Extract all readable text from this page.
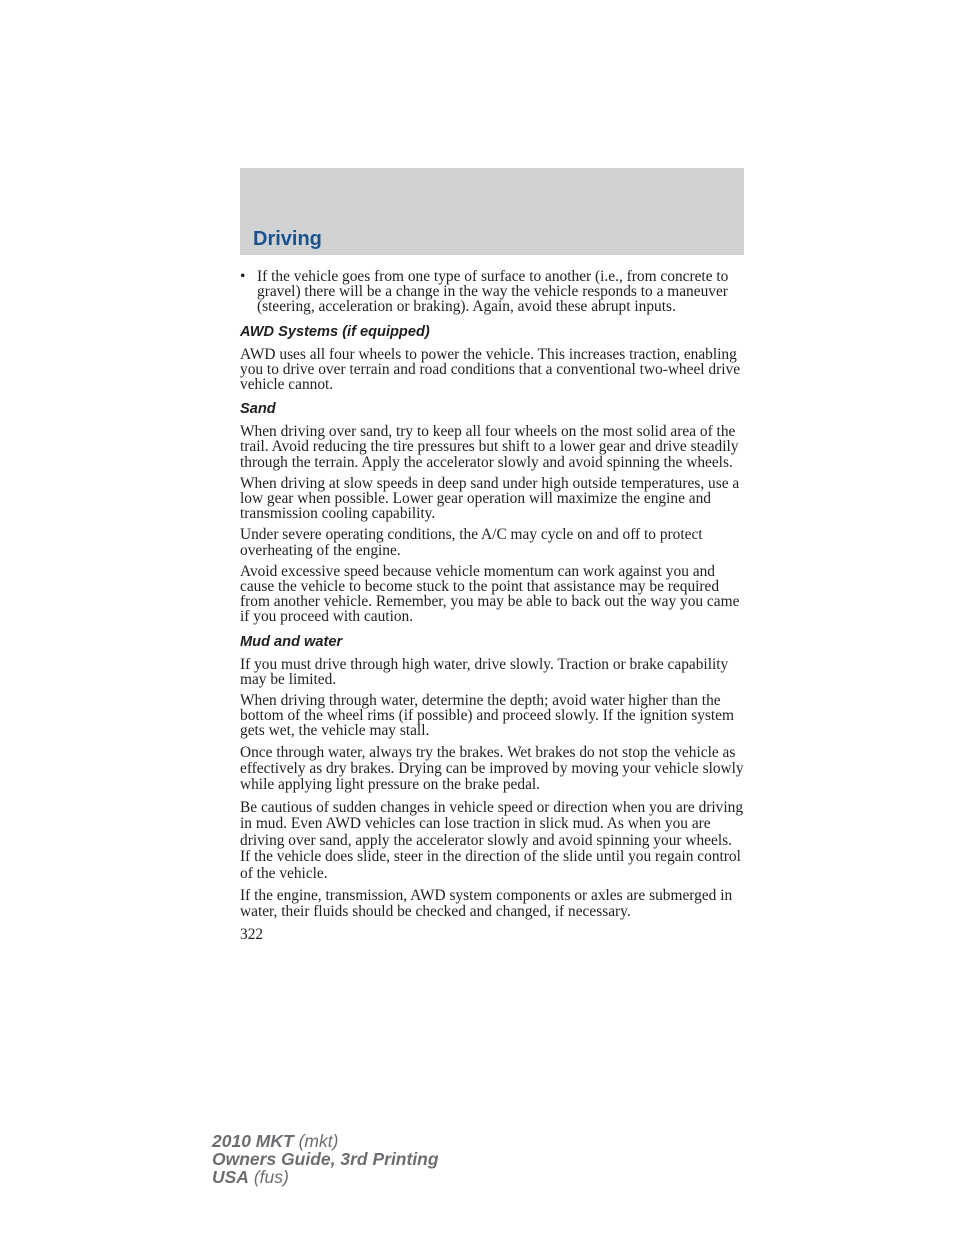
Driving
• If the vehicle goes from one type of surface to another (i.e., from concrete to gravel) there will be a change in the way the vehicle responds to a maneuver (steering, acceleration or braking). Again, avoid these abrupt inputs.
AWD Systems (if equipped)

AWD uses all four wheels to power the vehicle. This increases traction, enabling you to drive over terrain and road conditions that a conventional two-wheel drive vehicle cannot.

Sand

When driving over sand, try to keep all four wheels on the most solid area of the trail. Avoid reducing the tire pressures but shift to a lower gear and drive steadily through the terrain. Apply the accelerator slowly and avoid spinning the wheels.

When driving at slow speeds in deep sand under high outside temperatures, use a low gear when possible. Lower gear operation will maximize the engine and transmission cooling capability.

Under severe operating conditions, the A/C may cycle on and off to protect overheating of the engine.

Avoid excessive speed because vehicle momentum can work against you and cause the vehicle to become stuck to the point that assistance may be required from another vehicle. Remember, you may be able to back out the way you came if you proceed with caution.

Mud and water

If you must drive through high water, drive slowly. Traction or brake capability may be limited.

When driving through water, determine the depth; avoid water higher than the bottom of the wheel rims (if possible) and proceed slowly. If the ignition system gets wet, the vehicle may stall.

Once through water, always try the brakes. Wet brakes do not stop the vehicle as effectively as dry brakes. Drying can be improved by moving your vehicle slowly while applying light pressure on the brake pedal.

Be cautious of sudden changes in vehicle speed or direction when you are driving in mud. Even AWD vehicles can lose traction in slick mud. As when you are driving over sand, apply the accelerator slowly and avoid spinning your wheels. If the vehicle does slide, steer in the direction of the slide until you regain control of the vehicle.

If the engine, transmission, AWD system components or axles are submerged in water, their fluids should be checked and changed, if necessary.

322
2010 MKT (mkt)
Owners Guide, 3rd Printing
USA (fus)
